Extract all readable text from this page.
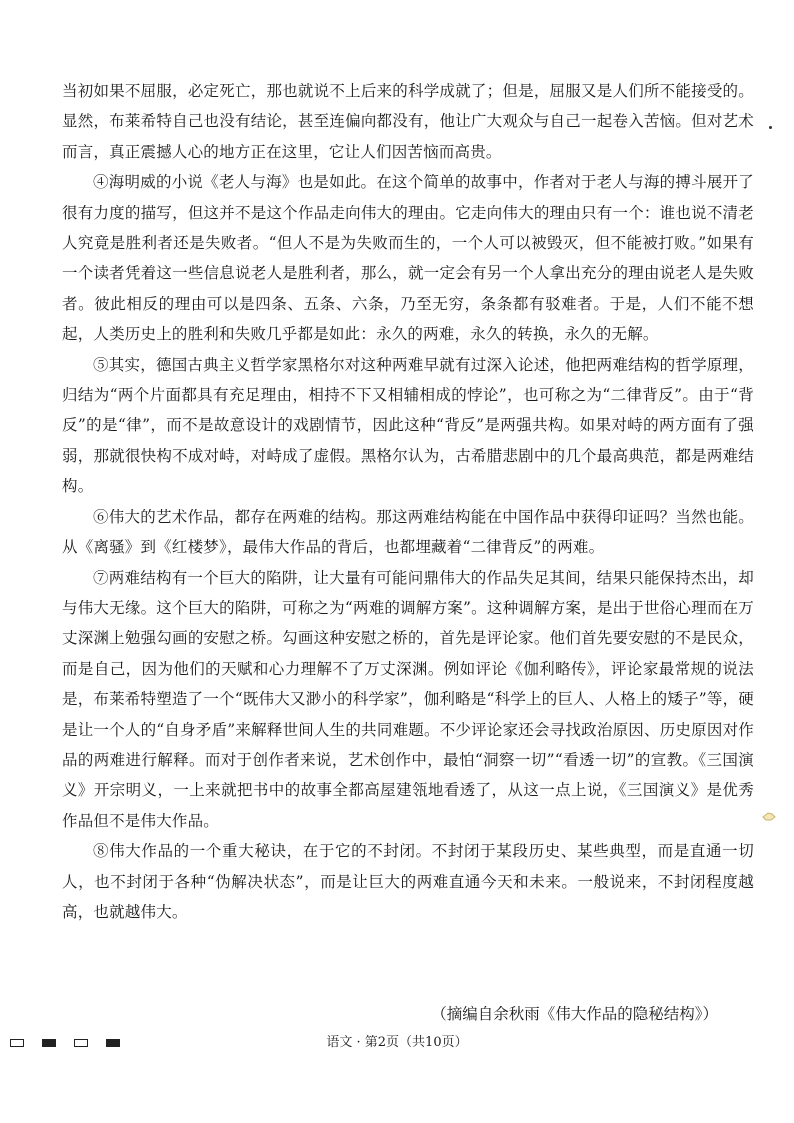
当初如果不屈服，必定死亡，那也就说不上后来的科学成就了；但是，屈服又是人们所不能接受的。显然，布莱希特自己也没有结论，甚至连偏向都没有，他让广大观众与自己一起卷入苦恼。但对艺术而言，真正震撼人心的地方正在这里，它让人们因苦恼而高贵。

④海明威的小说《老人与海》也是如此。在这个简单的故事中，作者对于老人与海的搏斗展开了很有力度的描写，但这并不是这个作品走向伟大的理由。它走向伟大的理由只有一个：谁也说不清老人究竟是胜利者还是失败者。“但人不是为失败而生的，一个人可以被毁灭，但不能被打败。”如果有一个读者凭着这一些信息说老人是胜利者，那么，就一定会有另一个人拿出充分的理由说老人是失败者。彼此相反的理由可以是四条、五条、六条，乃至无穷，条条都有驳难者。于是，人们不能不想起，人类历史上的胜利和失败几乎都是如此：永久的两难，永久的转换，永久的无解。

⑤其实，德国古典主义哲学家黑格尔对这种两难早就有过深入论述，他把两难结构的哲学原理，归结为“两个片面都具有充足理由，相持不下又相辅相成的悖论”，也可称之为“二律背反”。由于“背反”的是“律”，而不是故意设计的戏剧情节，因此这种“背反”是两强共构。如果对峙的两方面有了强弱，那就很快构不成对峙，对峙成了虚假。黑格尔认为，古希腊悲剧中的几个最高典范，都是两难结构。

⑥伟大的艺术作品，都存在两难的结构。那这两难结构能在中国作品中获得印证吗？当然也能。从《离骚》到《红楼梦》，最伟大作品的背后，也都埋藏着“二律背反”的两难。

⑦两难结构有一个巨大的陷阱，让大量有可能问鼎伟大的作品失足其间，结果只能保持杰出，却与伟大无缘。这个巨大的陷阱，可称之为“两难的调解方案”。这种调解方案，是出于世俗心理而在万丈深渊上勉强勾画的安慰之桥。勾画这种安慰之桥的，首先是评论家。他们首先要安慰的不是民众，而是自己，因为他们的天赋和心力理解不了万丈深渊。例如评论《伽利略传》，评论家最常规的说法是，布莱希特塑造了一个“既伟大又渺小的科学家”，伽利略是“科学上的巨人、人格上的矮子”等，硬是让一个人的“自身矛盾”来解释世间人生的共同难题。不少评论家还会寻找政治原因、历史原因对作品的两难进行解释。而对于创作者来说，艺术创作中，最怕“洞察一切”“看透一切”的宣教。《三国演义》开宗明义，一上来就把书中的故事全都高屋建瓴地看透了，从这一点上说，《三国演义》是优秀作品但不是伟大作品。

⑧伟大作品的一个重大秘诀，在于它的不封闭。不封闭于某段历史、某些典型，而是直通一切人，也不封闭于各种“伪解决状态”，而是让巨大的两难直通今天和未来。一般说来，不封闭程度越高，也就越伟大。

（摘编自余秋雨《伟大作品的隐秘结构》）
语文 · 第2页（共10页）
